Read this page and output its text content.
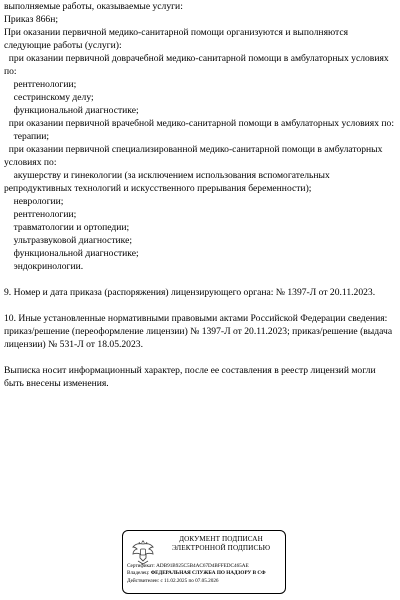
выполняемые работы, оказываемые услуги:

Приказ 866н;

При оказании первичной медико-санитарной помощи организуются и выполняются следующие работы (услуги):

при оказании первичной доврачебной медико-санитарной помощи в амбулаторных условиях по:

рентгенологии;

сестринскому делу;

функциональной диагностике;

при оказании первичной врачебной медико-санитарной помощи в амбулаторных условиях по:

терапии;

при оказании первичной специализированной медико-санитарной помощи в амбулаторных условиях по:

акушерству и гинекологии (за исключением использования вспомогательных репродуктивных технологий и искусственного прерывания беременности);

неврологии;

рентгенологии;

травматологии и ортопедии;

ультразвуковой диагностике;

функциональной диагностике;

эндокринологии.

9. Номер и дата приказа (распоряжения) лицензирующего органа: № 1397-Л от 20.11.2023.

10. Иные установленные нормативными правовыми актами Российской Федерации сведения: приказ/решение (переоформление лицензии) № 1397-Л от 20.11.2023; приказ/решение (выдача лицензии) № 531-Л от 18.05.2023.

Выписка носит информационный характер, после ее составления в реестр лицензий могли быть внесены изменения.

ДОКУМЕНТ ПОДПИСАН
ЭЛЕКТРОННОЙ ПОДПИСЬЮ
Сертификат: ADB91B925C5B4AC67D4BFFEDC465AE
Владелец: ФЕДЕРАЛЬНАЯ СЛУЖБА ПО НАДЗОРУ В СФ
Действителен: с 11.02.2025 по 07.05.2026
